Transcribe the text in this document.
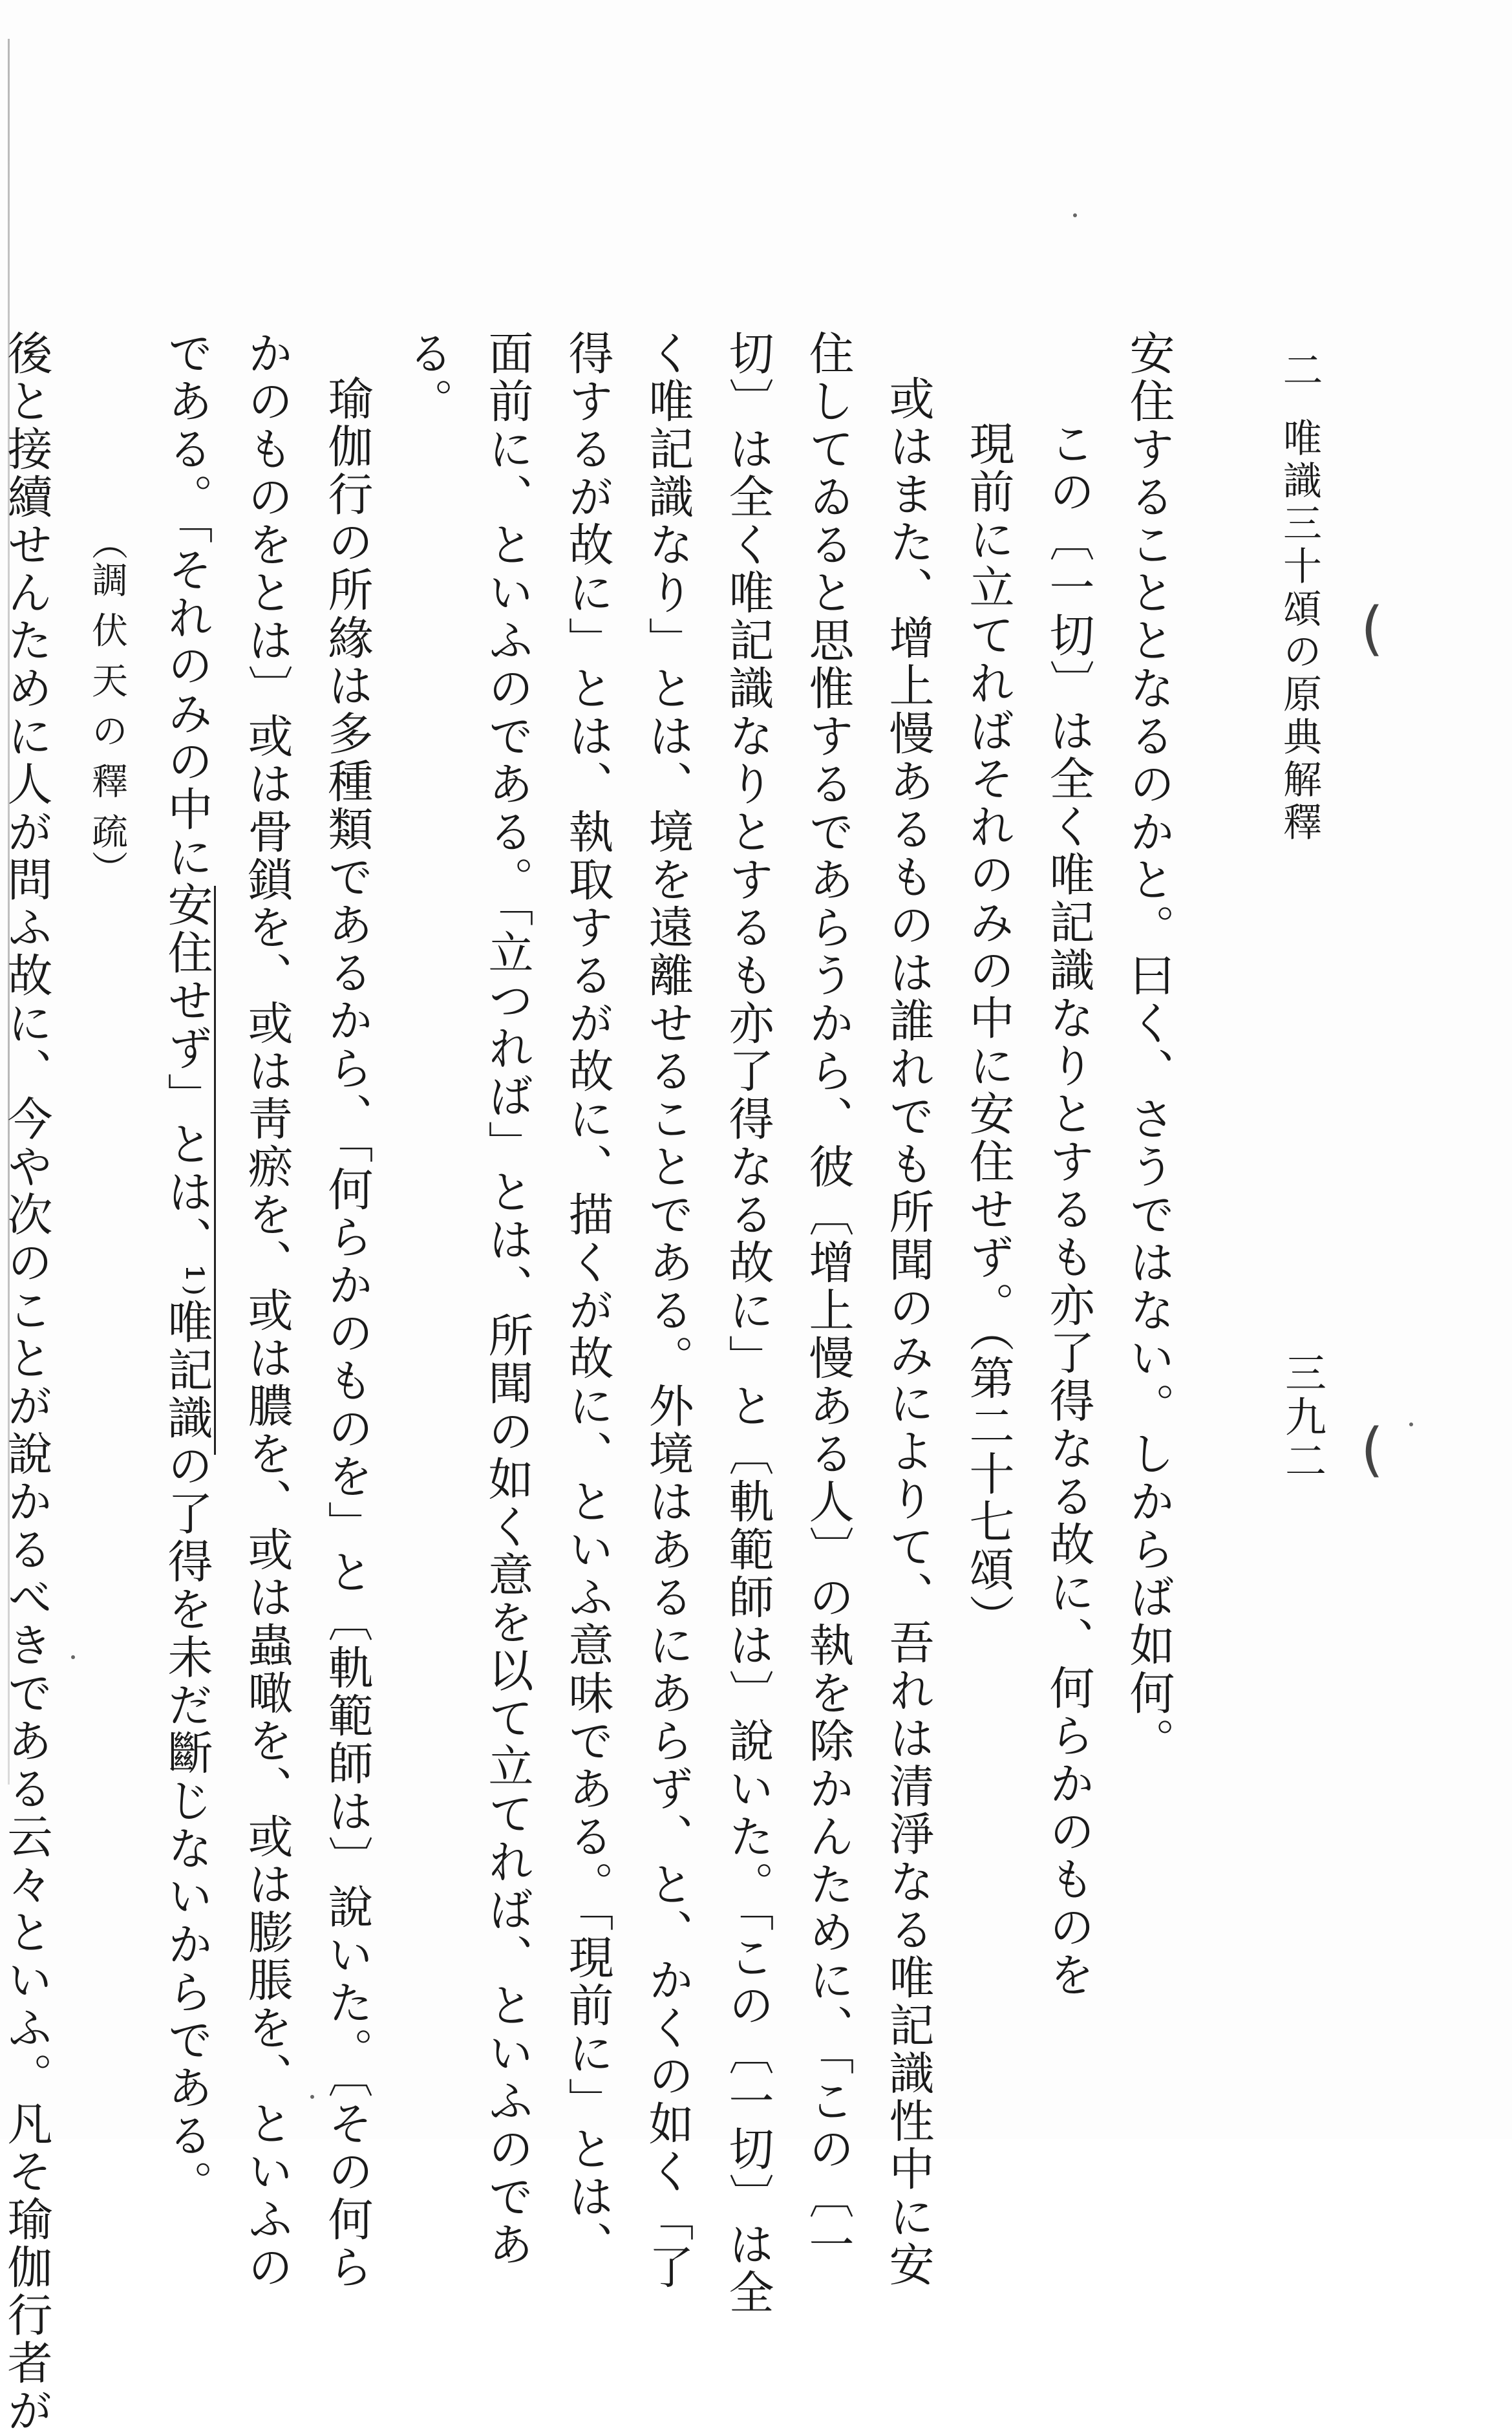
二唯識三十頌の原典解釋
三九二
安住することとなるのかと。曰く、さうではない。しからば如何。
この〔一切〕は全く唯記識なりとするも亦了得なる故に、何らかのものを
現前に立てればそれのみの中に安住せず。（第二十七頌）
或はまた、增上慢あるものは誰れでも所聞のみによりて、吾れは清淨なる唯記識性中に安
住してゐると思惟するであらうから、彼〔增上慢ある人〕の執を除かんために、「この〔一
切〕は全く唯記識なりとするも亦了得なる故に」と〔軌範師は〕說いた。「この〔一切〕は全
く唯記識なり」とは、境を遠離せることである。外境はあるにあらず、と、かくの如く「了
得するが故に」とは、執取するが故に、描くが故に、といふ意味である。「現前に」とは、
面前に、といふのである。「立つれば」とは、所聞の如く意を以て立てれば、といふのであ
る。
瑜伽行の所緣は多種類であるから、「何らかのものを」と〔軌範師は〕說いた。〔その何ら
かのものをとは〕或は骨鎖を、或は靑瘀を、或は膿を、或は蟲噉を、或は膨脹を、といふの
である。「それのみの中に安住せず」とは、¹⁾唯記識の了得を未だ斷じないからである。
（調 伏 天 の 釋 疏）
後と接續せんために人が問ふ故に、今や次のことが說かるべきである云々といふ。凡そ瑜伽行者が	(
(
